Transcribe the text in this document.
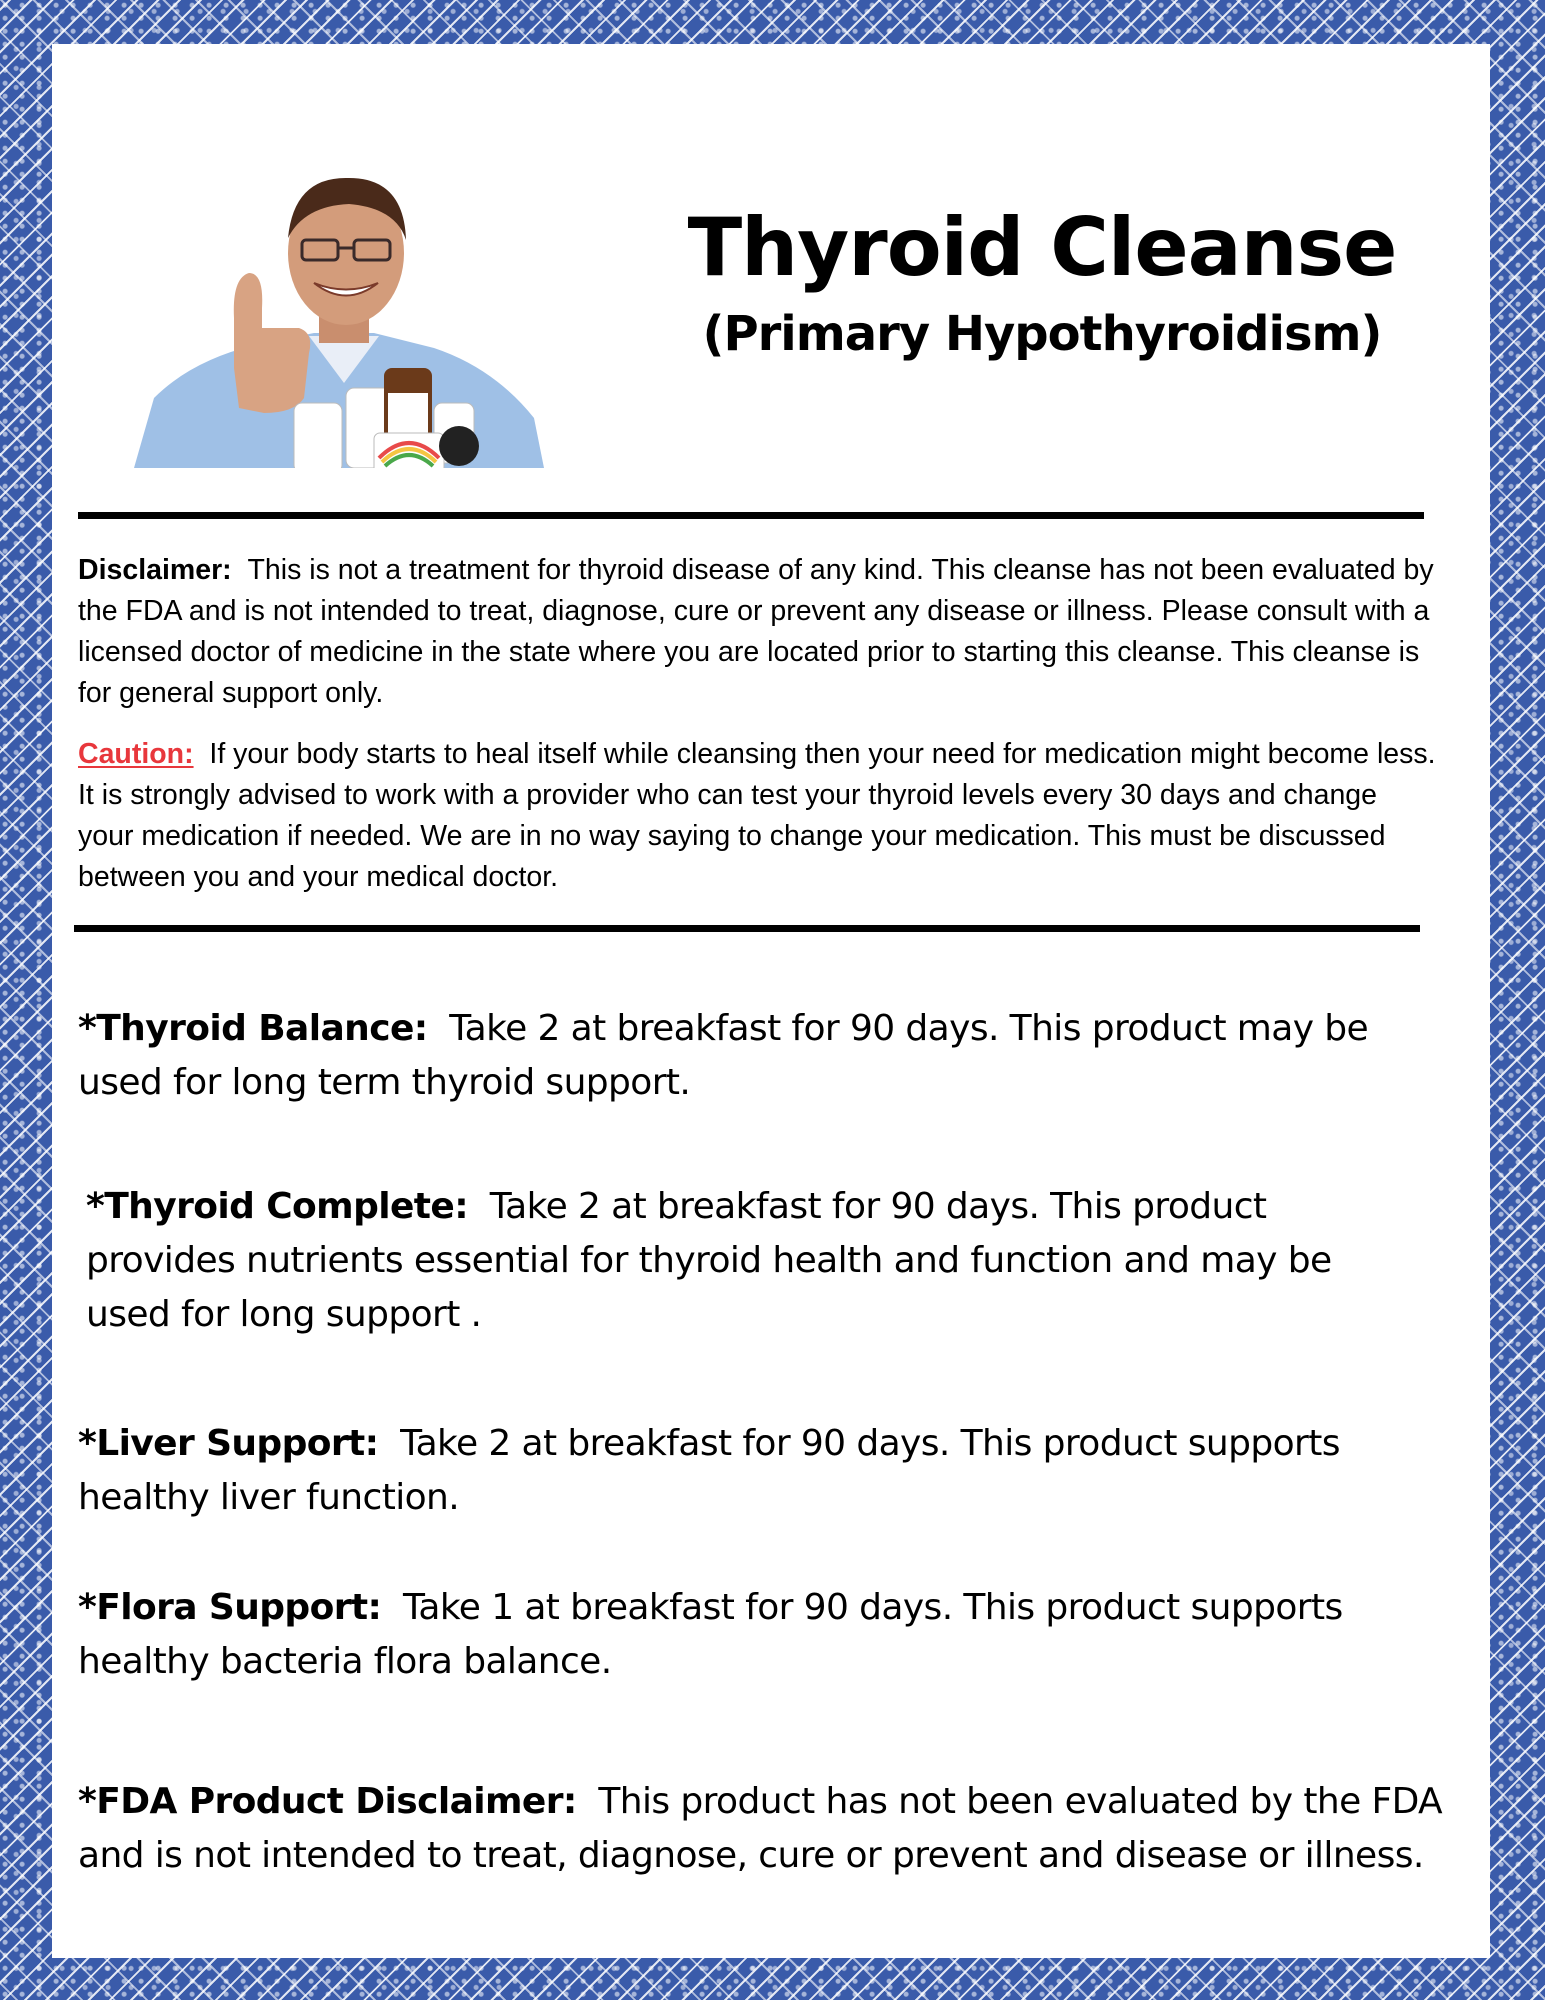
Thyroid Cleanse
(Primary Hypothyroidism)

Disclaimer: This is not a treatment for thyroid disease of any kind. This cleanse has not been evaluated by the FDA and is not intended to treat, diagnose, cure or prevent any disease or illness. Please consult with a licensed doctor of medicine in the state where you are located prior to starting this cleanse. This cleanse is for general support only.

Caution: If your body starts to heal itself while cleansing then your need for medication might become less. It is strongly advised to work with a provider who can test your thyroid levels every 30 days and change your medication if needed. We are in no way saying to change your medication. This must be discussed between you and your medical doctor.

*Thyroid Balance: Take 2 at breakfast for 90 days. This product may be used for long term thyroid support.

*Thyroid Complete: Take 2 at breakfast for 90 days. This product provides nutrients essential for thyroid health and function and may be used for long support .

*Liver Support: Take 2 at breakfast for 90 days. This product supports healthy liver function.

*Flora Support: Take 1 at breakfast for 90 days. This product supports healthy bacteria flora balance.

*FDA Product Disclaimer: This product has not been evaluated by the FDA and is not intended to treat, diagnose, cure or prevent and disease or illness.
